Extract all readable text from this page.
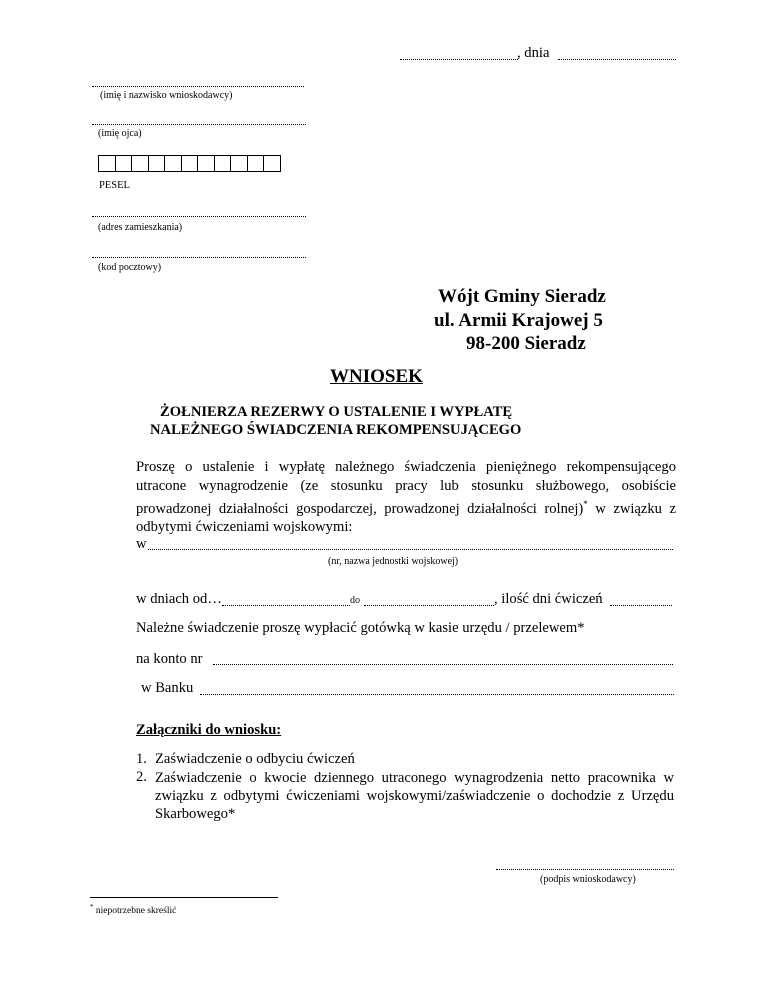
, dnia
(imię i nazwisko wnioskodawcy)
(imię ojca)
PESEL
(adres zamieszkania)
(kod pocztowy)
Wójt Gminy Sieradz
ul. Armii Krajowej 5
98-200 Sieradz
WNIOSEK
ŻOŁNIERZA REZERWY O USTALENIE I WYPŁATĘ
NALEŻNEGO ŚWIADCZENIA REKOMPENSUJĄCEGO
Proszę o ustalenie i wypłatę należnego świadczenia pieniężnego rekompensującego utracone wynagrodzenie (ze stosunku pracy lub stosunku służbowego, osobiście prowadzonej działalności gospodarczej, prowadzonej działalności rolnej)* w związku z odbytymi ćwiczeniami wojskowymi:
w
(nr, nazwa jednostki wojskowej)
w dniach od…	do	, ilość dni ćwiczeń
Należne świadczenie proszę wypłacić gotówką w kasie urzędu / przelewem*
na konto nr
w Banku
Załączniki do wniosku:
1. Zaświadczenie o odbyciu ćwiczeń
2. Zaświadczenie o kwocie dziennego utraconego wynagrodzenia netto pracownika w związku z odbytymi ćwiczeniami wojskowymi/zaświadczenie o dochodzie z Urzędu Skarbowego*
(podpis wnioskodawcy)
* niepotrzebne skreślić
